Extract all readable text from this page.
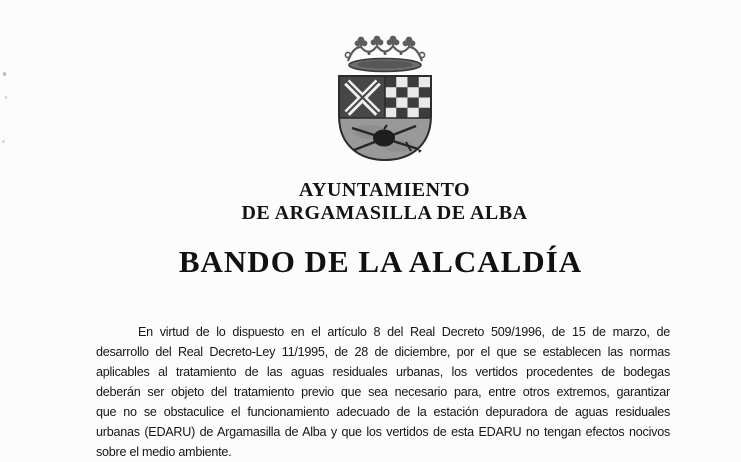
AYUNTAMIENTO
DE ARGAMASILLA DE ALBA
BANDO DE LA ALCALDÍA
En virtud de lo dispuesto en el artículo 8 del Real Decreto 509/1996, de 15 de marzo, de
desarrollo del Real Decreto-Ley 11/1995, de 28 de diciembre, por el que se establecen las normas
aplicables al tratamiento de las aguas residuales urbanas, los vertidos procedentes de bodegas
deberán ser objeto del tratamiento previo que sea necesario para, entre otros extremos, garantizar
que no se obstaculice el funcionamiento adecuado de la estación depuradora de aguas residuales
urbanas (EDARU) de Argamasilla de Alba y que los vertidos de esta EDARU no tengan efectos nocivos
sobre el medio ambiente.
